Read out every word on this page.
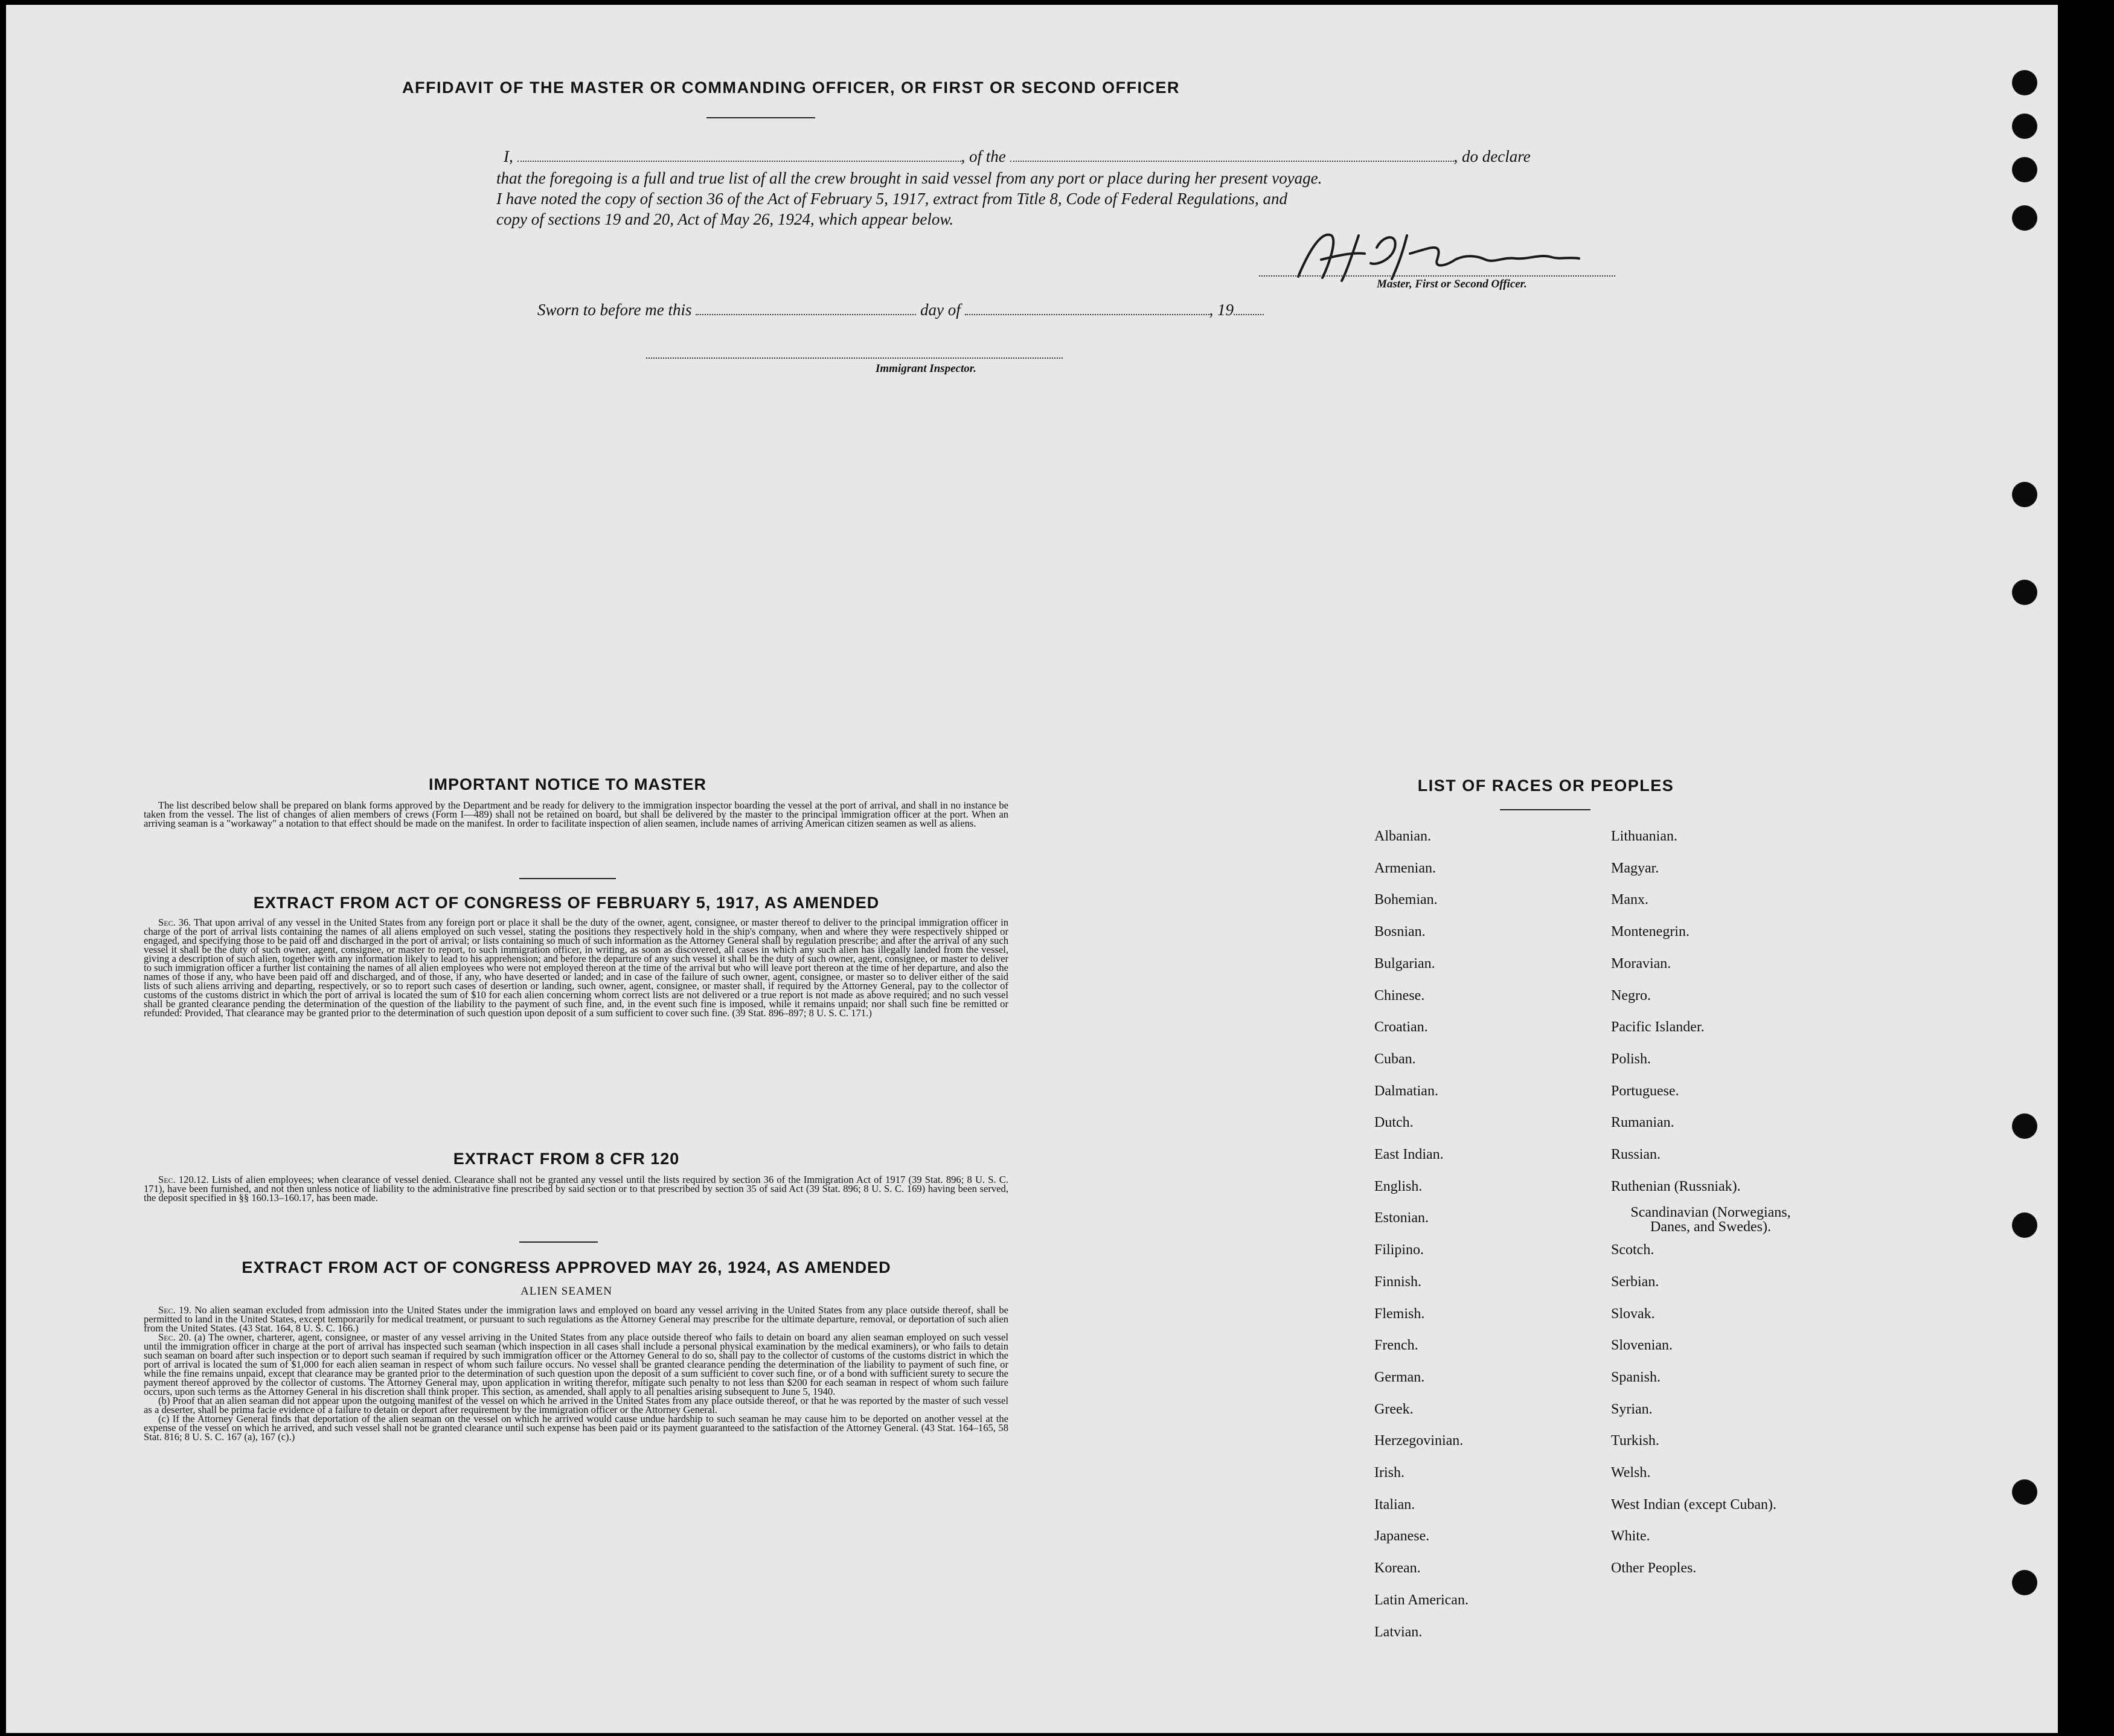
AFFIDAVIT OF THE MASTER OR COMMANDING OFFICER, OR FIRST OR SECOND OFFICER
I,	, of the	, do declare
that the foregoing is a full and true list of all the crew brought in said vessel from any port or place during her present voyage.
I have noted the copy of section 36 of the Act of February 5, 1917, extract from Title 8, Code of Federal Regulations, and
copy of sections 19 and 20, Act of May 26, 1924, which appear below.
Master, First or Second Officer.
Sworn to before me this	day of	, 19
Immigrant Inspector.
IMPORTANT NOTICE TO MASTER
The list described below shall be prepared on blank forms approved by the Department and be ready for delivery to the immigration inspector boarding the vessel at the port of arrival, and shall in no instance be taken from the vessel. The list of changes of alien members of crews (Form I—489) shall not be retained on board, but shall be delivered by the master to the principal immigration officer at the port. When an arriving seaman is a "workaway" a notation to that effect should be made on the manifest. In order to facilitate inspection of alien seamen, include names of arriving American citizen seamen as well as aliens.
EXTRACT FROM ACT OF CONGRESS OF FEBRUARY 5, 1917, AS AMENDED
Sec. 36. That upon arrival of any vessel in the United States from any foreign port or place it shall be the duty of the owner, agent, consignee, or master thereof to deliver to the principal immigration officer in charge of the port of arrival lists containing the names of all aliens employed on such vessel, stating the positions they respectively hold in the ship's company, when and where they were respectively shipped or engaged, and specifying those to be paid off and discharged in the port of arrival; or lists containing so much of such information as the Attorney General shall by regulation prescribe; and after the arrival of any such vessel it shall be the duty of such owner, agent, consignee, or master to report, to such immigration officer, in writing, as soon as discovered, all cases in which any such alien has illegally landed from the vessel, giving a description of such alien, together with any information likely to lead to his apprehension; and before the departure of any such vessel it shall be the duty of such owner, agent, consignee, or master to deliver to such immigration officer a further list containing the names of all alien employees who were not employed thereon at the time of the arrival but who will leave port thereon at the time of her departure, and also the names of those if any, who have been paid off and discharged, and of those, if any, who have deserted or landed; and in case of the failure of such owner, agent, consignee, or master so to deliver either of the said lists of such aliens arriving and departing, respectively, or so to report such cases of desertion or landing, such owner, agent, consignee, or master shall, if required by the Attorney General, pay to the collector of customs of the customs district in which the port of arrival is located the sum of $10 for each alien concerning whom correct lists are not delivered or a true report is not made as above required; and no such vessel shall be granted clearance pending the determination of the question of the liability to the payment of such fine, and, in the event such fine is imposed, while it remains unpaid; nor shall such fine be remitted or refunded: Provided, That clearance may be granted prior to the determination of such question upon deposit of a sum sufficient to cover such fine. (39 Stat. 896–897; 8 U. S. C. 171.)
EXTRACT FROM 8 CFR 120
Sec. 120.12. Lists of alien employees; when clearance of vessel denied. Clearance shall not be granted any vessel until the lists required by section 36 of the Immigration Act of 1917 (39 Stat. 896; 8 U. S. C. 171), have been furnished, and not then unless notice of liability to the administrative fine prescribed by said section or to that prescribed by section 35 of said Act (39 Stat. 896; 8 U. S. C. 169) having been served, the deposit specified in §§ 160.13–160.17, has been made.
EXTRACT FROM ACT OF CONGRESS APPROVED MAY 26, 1924, AS AMENDED
ALIEN SEAMEN
Sec. 19. No alien seaman excluded from admission into the United States under the immigration laws and employed on board any vessel arriving in the United States from any place outside thereof, shall be permitted to land in the United States, except temporarily for medical treatment, or pursuant to such regulations as the Attorney General may prescribe for the ultimate departure, removal, or deportation of such alien from the United States. (43 Stat. 164, 8 U. S. C. 166.)
Sec. 20. (a) The owner, charterer, agent, consignee, or master of any vessel arriving in the United States from any place outside thereof who fails to detain on board any alien seaman employed on such vessel until the immigration officer in charge at the port of arrival has inspected such seaman (which inspection in all cases shall include a personal physical examination by the medical examiners), or who fails to detain such seaman on board after such inspection or to deport such seaman if required by such immigration officer or the Attorney General to do so, shall pay to the collector of customs of the customs district in which the port of arrival is located the sum of $1,000 for each alien seaman in respect of whom such failure occurs. No vessel shall be granted clearance pending the determination of the liability to payment of such fine, or while the fine remains unpaid, except that clearance may be granted prior to the determination of such question upon the deposit of a sum sufficient to cover such fine, or of a bond with sufficient surety to secure the payment thereof approved by the collector of customs. The Attorney General may, upon application in writing therefor, mitigate such penalty to not less than $200 for each seaman in respect of whom such failure occurs, upon such terms as the Attorney General in his discretion shall think proper. This section, as amended, shall apply to all penalties arising subsequent to June 5, 1940.
(b) Proof that an alien seaman did not appear upon the outgoing manifest of the vessel on which he arrived in the United States from any place outside thereof, or that he was reported by the master of such vessel as a deserter, shall be prima facie evidence of a failure to detain or deport after requirement by the immigration officer or the Attorney General.
(c) If the Attorney General finds that deportation of the alien seaman on the vessel on which he arrived would cause undue hardship to such seaman he may cause him to be deported on another vessel at the expense of the vessel on which he arrived, and such vessel shall not be granted clearance until such expense has been paid or its payment guaranteed to the satisfaction of the Attorney General. (43 Stat. 164–165, 58 Stat. 816; 8 U. S. C. 167 (a), 167 (c).)
LIST OF RACES OR PEOPLES
Albanian.
Armenian.
Bohemian.
Bosnian.
Bulgarian.
Chinese.
Croatian.
Cuban.
Dalmatian.
Dutch.
East Indian.
English.
Estonian.
Filipino.
Finnish.
Flemish.
French.
German.
Greek.
Herzegovinian.
Irish.
Italian.
Japanese.
Korean.
Latin American.
Latvian.
Lithuanian.
Magyar.
Manx.
Montenegrin.
Moravian.
Negro.
Pacific Islander.
Polish.
Portuguese.
Rumanian.
Russian.
Ruthenian (Russniak).
Scandinavian (Norwegians, Danes, and Swedes).
Scotch.
Serbian.
Slovak.
Slovenian.
Spanish.
Syrian.
Turkish.
Welsh.
West Indian (except Cuban).
White.
Other Peoples.
